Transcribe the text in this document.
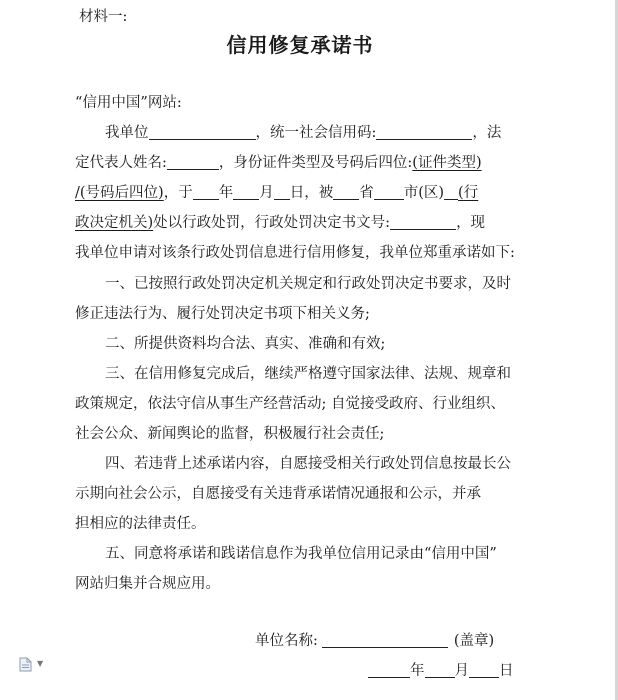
材料一:
信用修复承诺书
“信用中国”网站:
我单位	，统一社会信用码:	，法
定代表人姓名:	，身份证件类型及号码后四位:(证件类型)
/(号码后四位)，于 年 月 日，被 省 市(区) (行
政决定机关)处以行政处罚，行政处罚决定书文号:	，现
我单位申请对该条行政处罚信息进行信用修复，我单位郑重承诺如下:
一、已按照行政处罚决定机关规定和行政处罚决定书要求，及时
修正违法行为、履行处罚决定书项下相关义务;
二、所提供资料均合法、真实、准确和有效;
三、在信用修复完成后，继续严格遵守国家法律、法规、规章和
政策规定，依法守信从事生产经营活动; 自觉接受政府、行业组织、
社会公众、新闻舆论的监督，积极履行社会责任;
四、若违背上述承诺内容，自愿接受相关行政处罚信息按最长公
示期向社会公示，自愿接受有关违背承诺情况通报和公示，并承
担相应的法律责任。
五、同意将承诺和践诺信息作为我单位信用记录由“信用中国”
网站归集并合规应用。
单位名称:	(盖章)
年 月 日
▼
